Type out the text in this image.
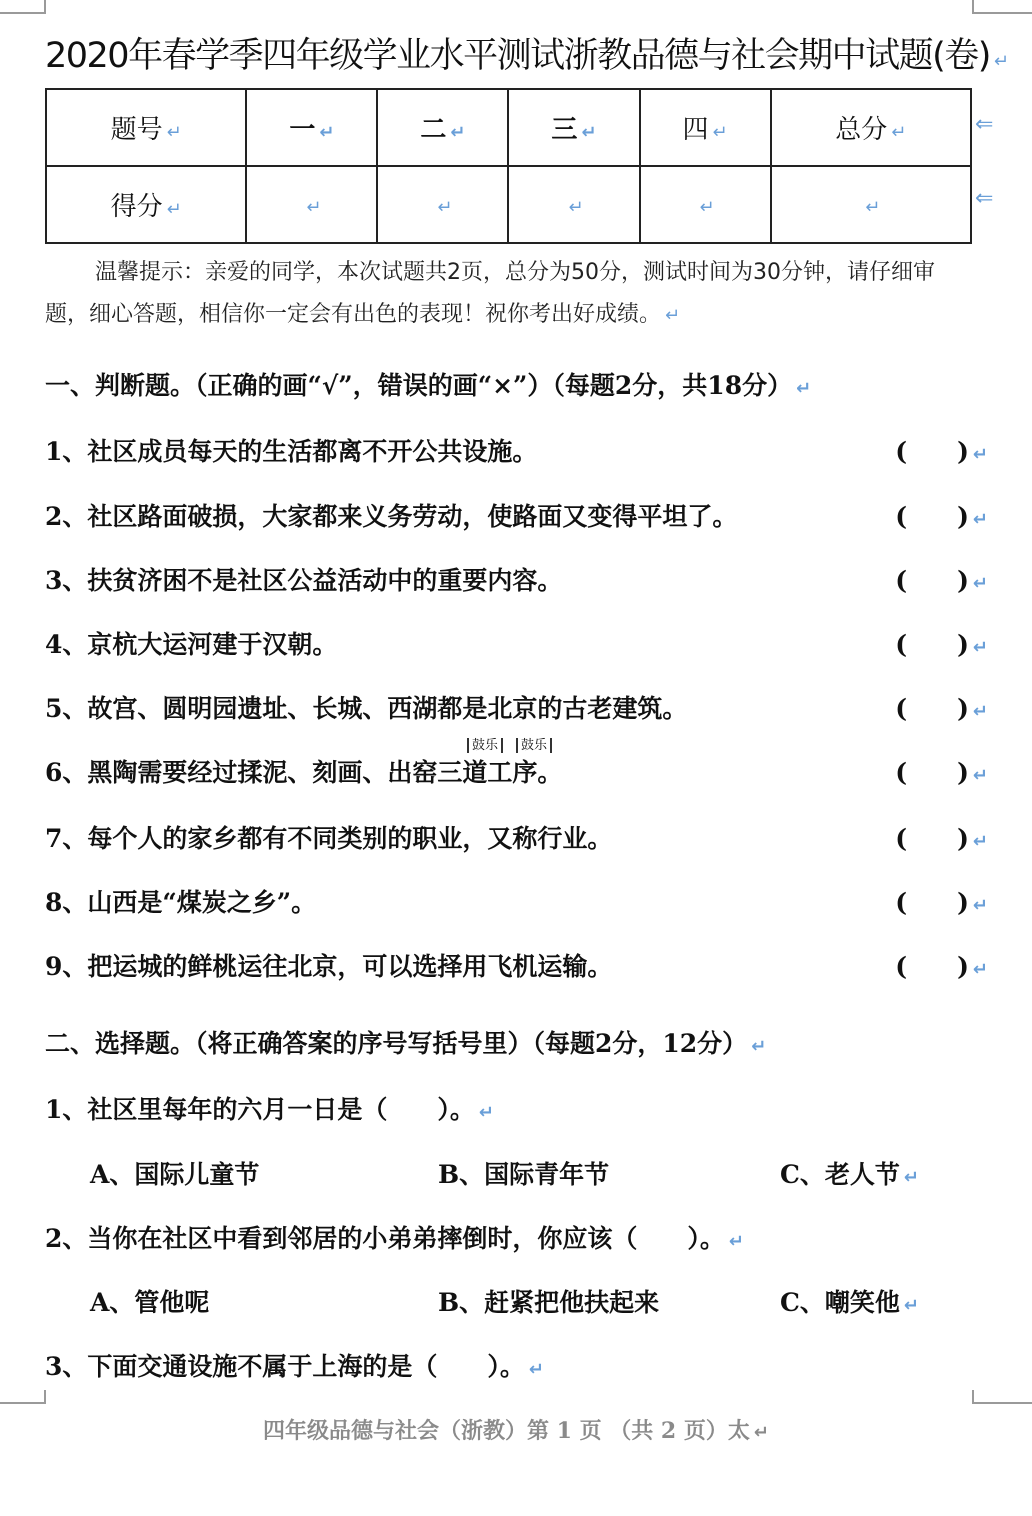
2020年春学季四年级学业水平测试浙教品德与社会期中试题(卷) ↵
题号 ↵	一 ↵	二 ↵	三 ↵	四 ↵	总分 ↵
得分 ↵	↵	↵	↵	↵	↵
⇐
⇐
温馨提示：亲爱的同学，本次试题共2页，总分为50分，测试时间为30分钟，请仔细审题，细心答题，相信你一定会有出色的表现！祝你考出好成绩。 ↵
一、判断题。（正确的画“√”，错误的画“×”）（每题2分，共18分） ↵
1、社区成员每天的生活都离不开公共设施。	(　　) ↵
2、社区路面破损，大家都来义务劳动，使路面又变得平坦了。	(　　) ↵
3、扶贫济困不是社区公益活动中的重要内容。	(　　) ↵
4、京杭大运河建于汉朝。	(　　) ↵
5、故宫、圆明园遗址、长城、西湖都是北京的古老建筑。	(　　) ↵
6、黑陶需要经过揉泥、刻画、出窑三道工序。	(　　) ↵
7、每个人的家乡都有不同类别的职业，又称行业。	(　　) ↵
8、山西是“煤炭之乡”。	(　　) ↵
9、把运城的鲜桃运往北京，可以选择用飞机运输。	(　　) ↵
鼓乐	鼓乐
二、选择题。（将正确答案的序号写括号里）（每题2分，12分） ↵
1、社区里每年的六月一日是（　　）。 ↵
A、国际儿童节	B、国际青年节	C、老人节 ↵
2、当你在社区中看到邻居的小弟弟摔倒时，你应该（　　）。 ↵
A、管他呢	B、赶紧把他扶起来	C、嘲笑他 ↵
3、下面交通设施不属于上海的是（　　）。 ↵
四年级品德与社会（浙教）第 1 页 （共 2 页）太 ↵
